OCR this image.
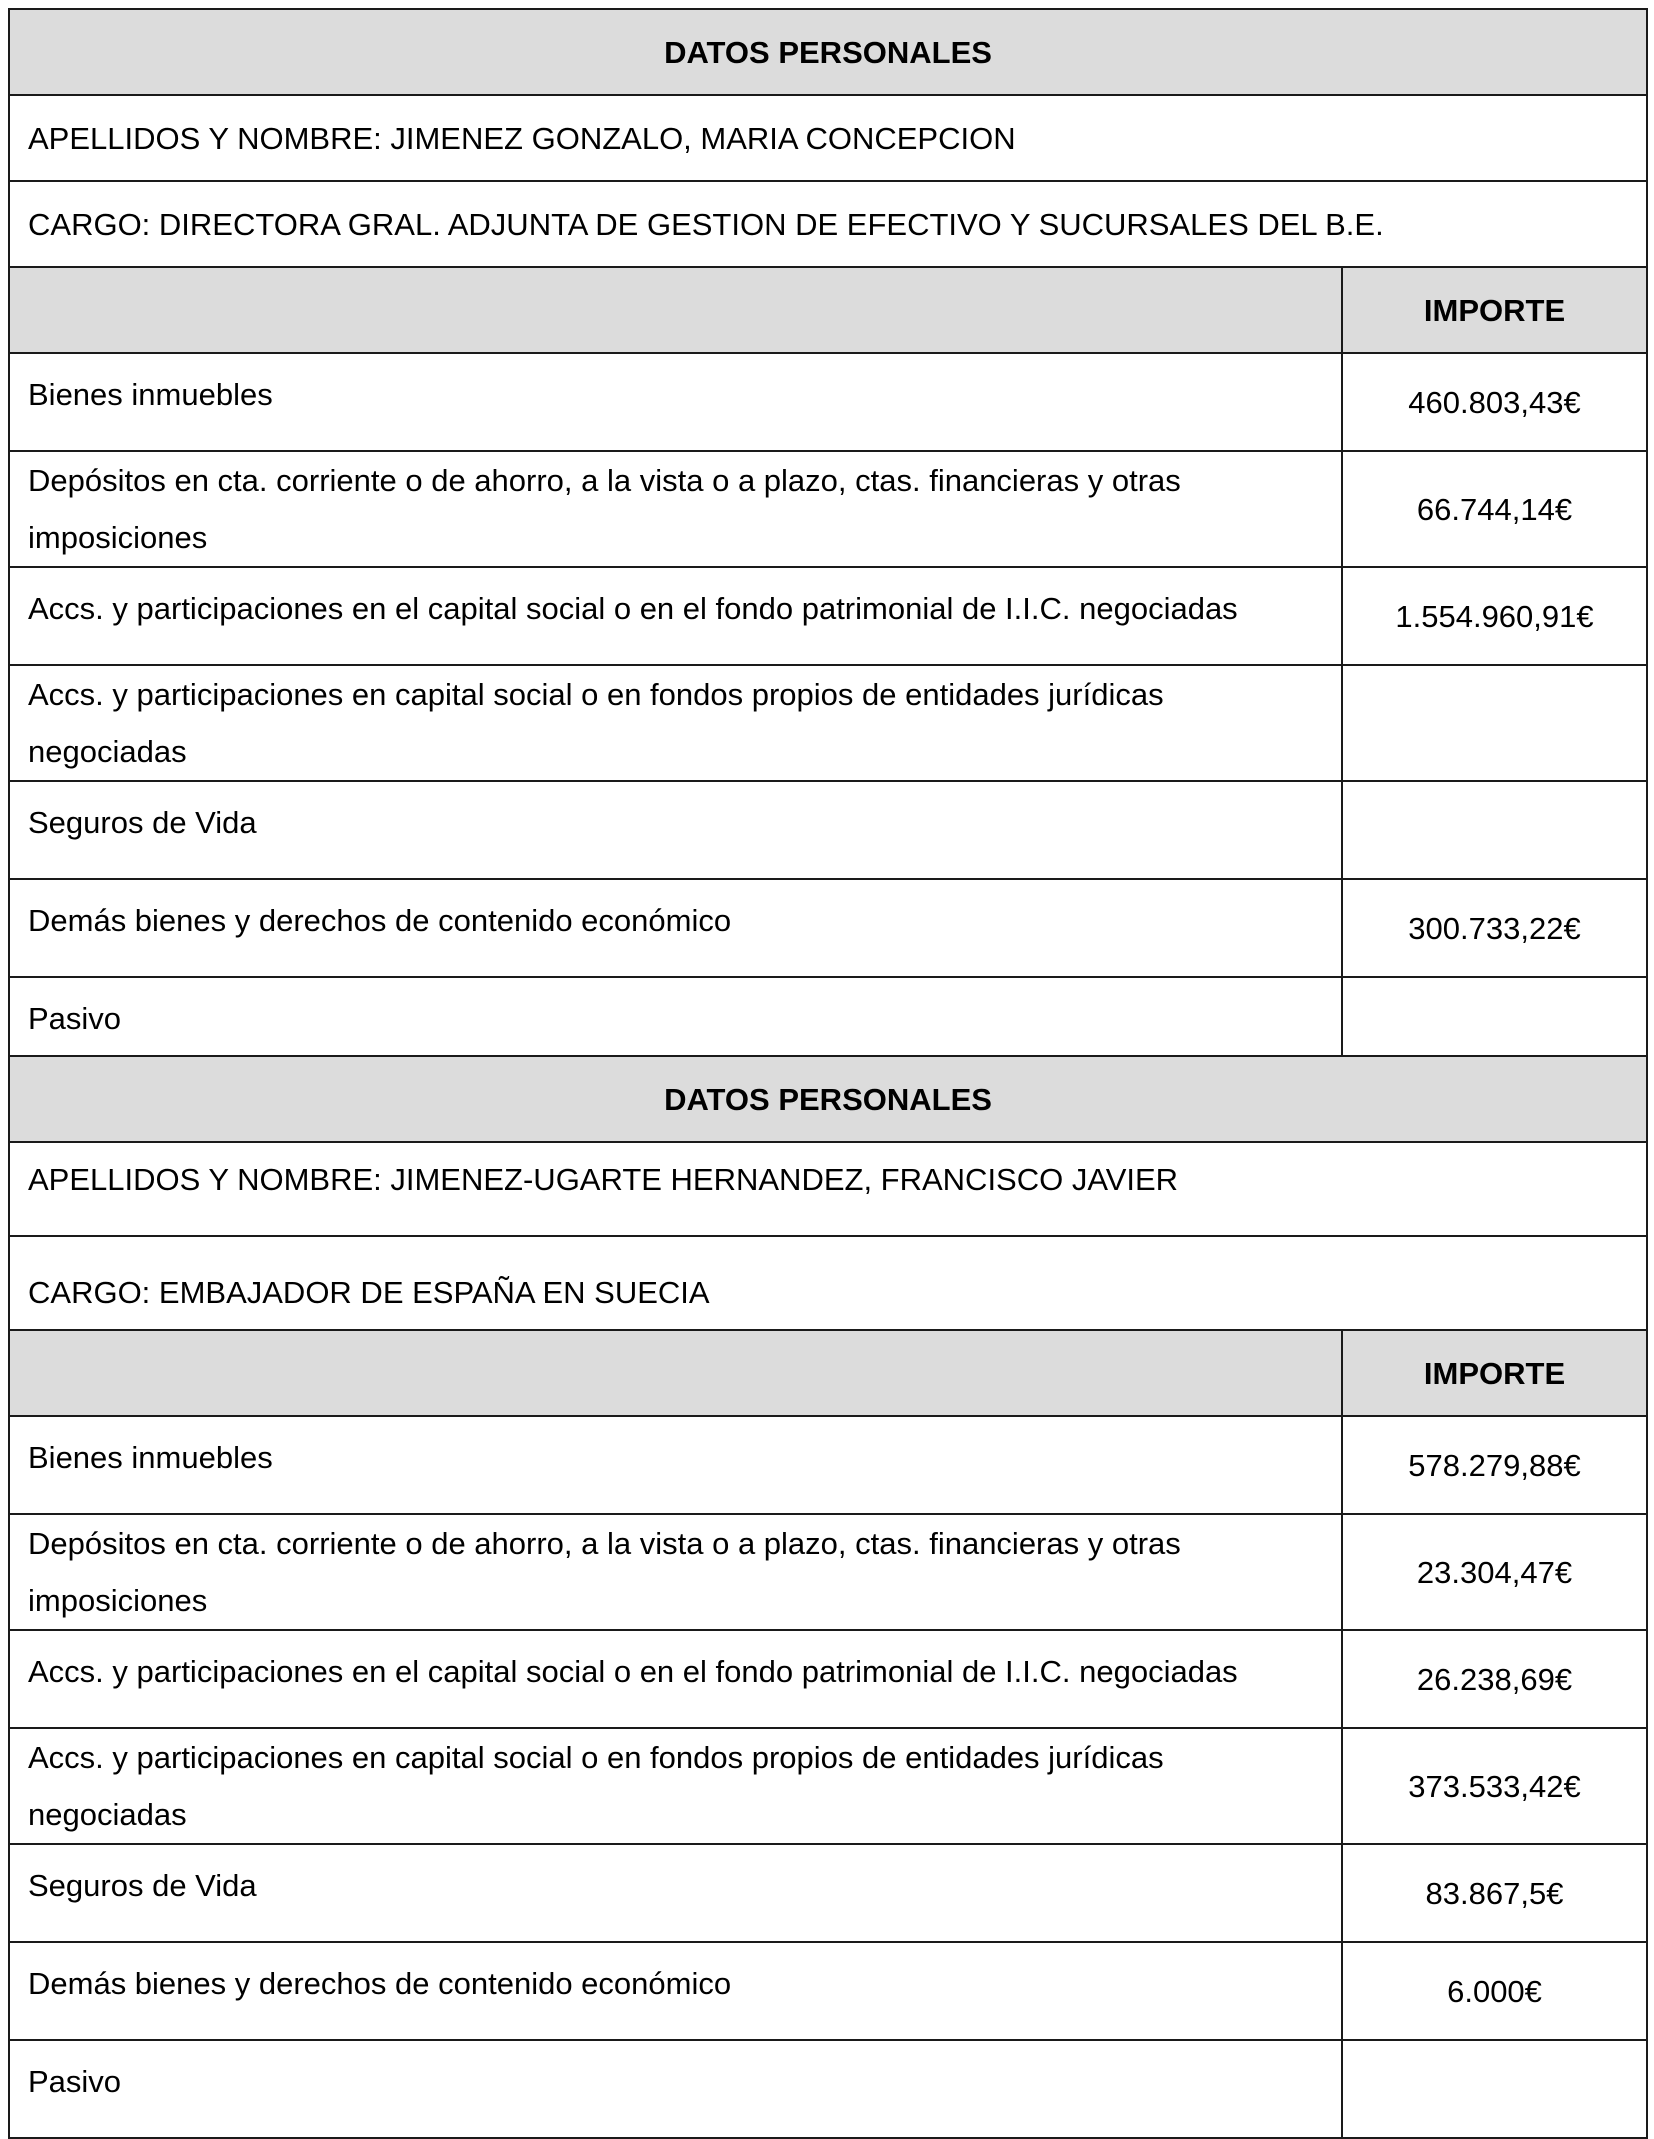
DATOS PERSONALES	
APELLIDOS Y NOMBRE: JIMENEZ GONZALO, MARIA CONCEPCION	
CARGO: DIRECTORA GRAL. ADJUNTA DE GESTION DE EFECTIVO Y SUCURSALES DEL B.E.	
	IMPORTE
Bienes inmuebles	460.803,43€
Depósitos en cta. corriente o de ahorro, a la vista o a plazo, ctas. financieras y otras imposiciones	66.744,14€
Accs. y participaciones en el capital social o en el fondo patrimonial de I.I.C. negociadas	1.554.960,91€
Accs. y participaciones en capital social o en fondos propios de entidades jurídicas negociadas	
Seguros de Vida	
Demás bienes y derechos de contenido económico	300.733,22€
Pasivo	
DATOS PERSONALES	
APELLIDOS Y NOMBRE: JIMENEZ-UGARTE HERNANDEZ, FRANCISCO JAVIER	
CARGO: EMBAJADOR DE ESPAÑA EN SUECIA	
	IMPORTE
Bienes inmuebles	578.279,88€
Depósitos en cta. corriente o de ahorro, a la vista o a plazo, ctas. financieras y otras imposiciones	23.304,47€
Accs. y participaciones en el capital social o en el fondo patrimonial de I.I.C. negociadas	26.238,69€
Accs. y participaciones en capital social o en fondos propios de entidades jurídicas negociadas	373.533,42€
Seguros de Vida	83.867,5€
Demás bienes y derechos de contenido económico	6.000€
Pasivo	
